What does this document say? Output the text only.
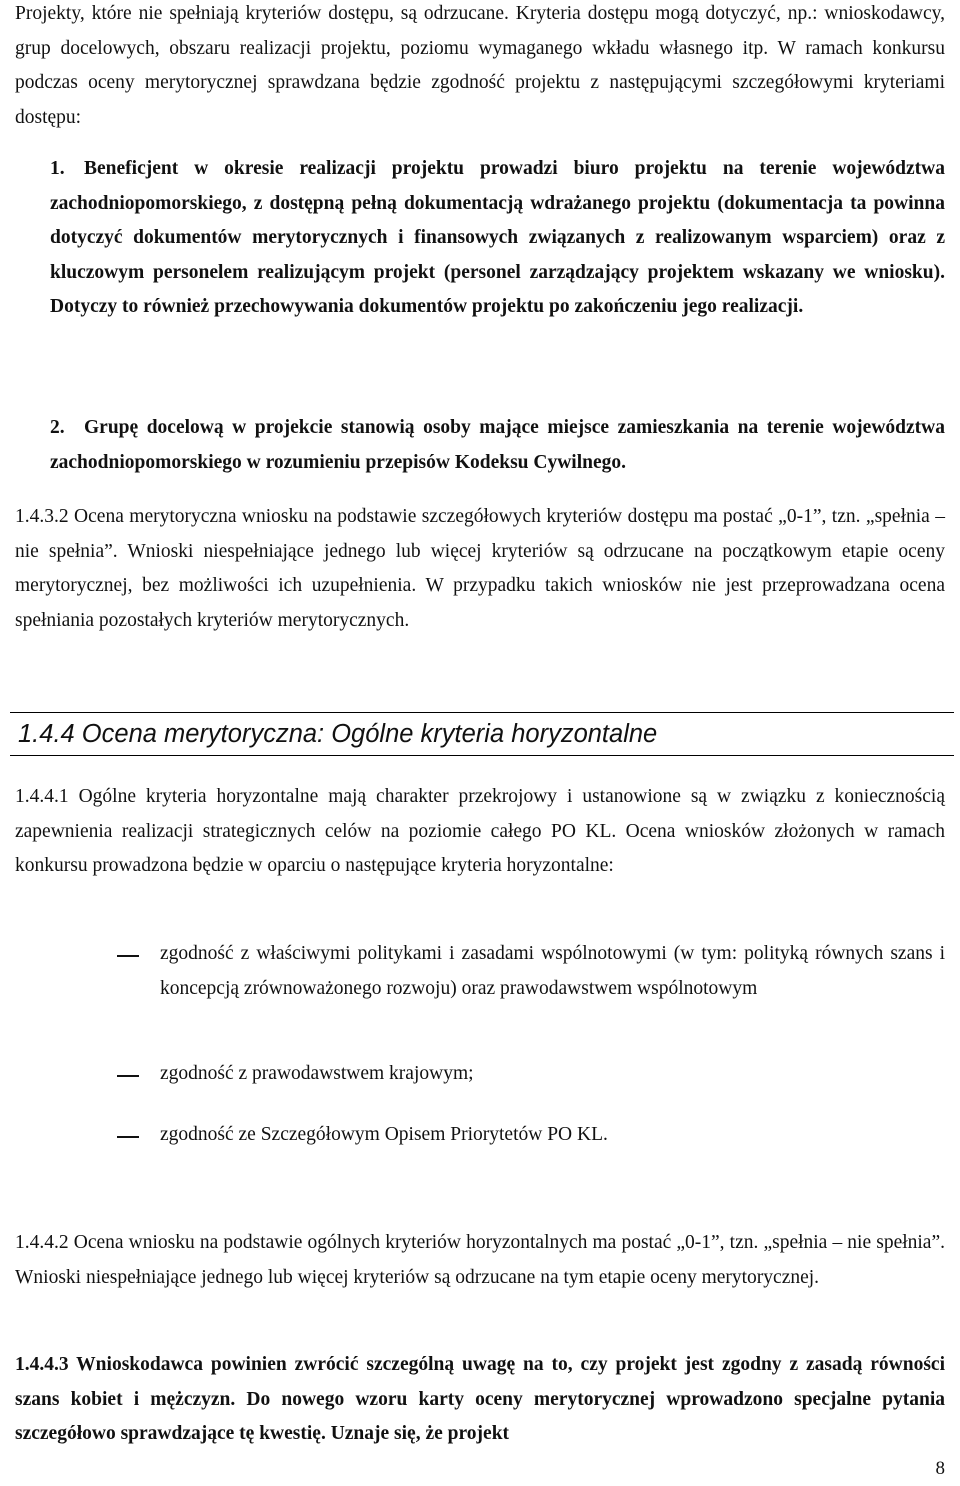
Projekty, które nie spełniają kryteriów dostępu, są odrzucane. Kryteria dostępu mogą dotyczyć, np.: wnioskodawcy, grup docelowych, obszaru realizacji projektu, poziomu wymaganego wkładu własnego itp. W ramach konkursu podczas oceny merytorycznej sprawdzana będzie zgodność projektu z następującymi szczegółowymi kryteriami dostępu:

1. Beneficjent w okresie realizacji projektu prowadzi biuro projektu na terenie województwa zachodniopomorskiego, z dostępną pełną dokumentacją wdrażanego projektu (dokumentacja ta powinna dotyczyć dokumentów merytorycznych i finansowych związanych z realizowanym wsparciem) oraz z kluczowym personelem realizującym projekt (personel zarządzający projektem wskazany we wniosku). Dotyczy to również przechowywania dokumentów projektu po zakończeniu jego realizacji.
2. Grupę docelową w projekcie stanowią osoby mające miejsce zamieszkania na terenie województwa zachodniopomorskiego w rozumieniu przepisów Kodeksu Cywilnego.

1.4.3.2 Ocena merytoryczna wniosku na podstawie szczegółowych kryteriów dostępu ma postać „0-1”, tzn. „spełnia – nie spełnia”. Wnioski niespełniające jednego lub więcej kryteriów są odrzucane na początkowym etapie oceny merytorycznej, bez możliwości ich uzupełnienia. W przypadku takich wniosków nie jest przeprowadzana ocena spełniania pozostałych kryteriów merytorycznych.

1.4.4 Ocena merytoryczna: Ogólne kryteria horyzontalne

1.4.4.1 Ogólne kryteria horyzontalne mają charakter przekrojowy i ustanowione są w związku z koniecznością zapewnienia realizacji strategicznych celów na poziomie całego PO KL. Ocena wniosków złożonych w ramach konkursu prowadzona będzie w oparciu o następujące kryteria horyzontalne:

zgodność z właściwymi politykami i zasadami wspólnotowymi (w tym: polityką równych szans i koncepcją zrównoważonego rozwoju) oraz prawodawstwem wspólnotowym

zgodność z prawodawstwem krajowym;

zgodność ze Szczegółowym Opisem Priorytetów PO KL.

1.4.4.2 Ocena wniosku na podstawie ogólnych kryteriów horyzontalnych ma postać „0-1”, tzn. „spełnia – nie spełnia”. Wnioski niespełniające jednego lub więcej kryteriów są odrzucane na tym etapie oceny merytorycznej.

1.4.4.3 Wnioskodawca powinien zwrócić szczególną uwagę na to, czy projekt jest zgodny z zasadą równości szans kobiet i mężczyzn. Do nowego wzoru karty oceny merytorycznej wprowadzono specjalne pytania szczegółowo sprawdzające tę kwestię. Uznaje się, że projekt

8
